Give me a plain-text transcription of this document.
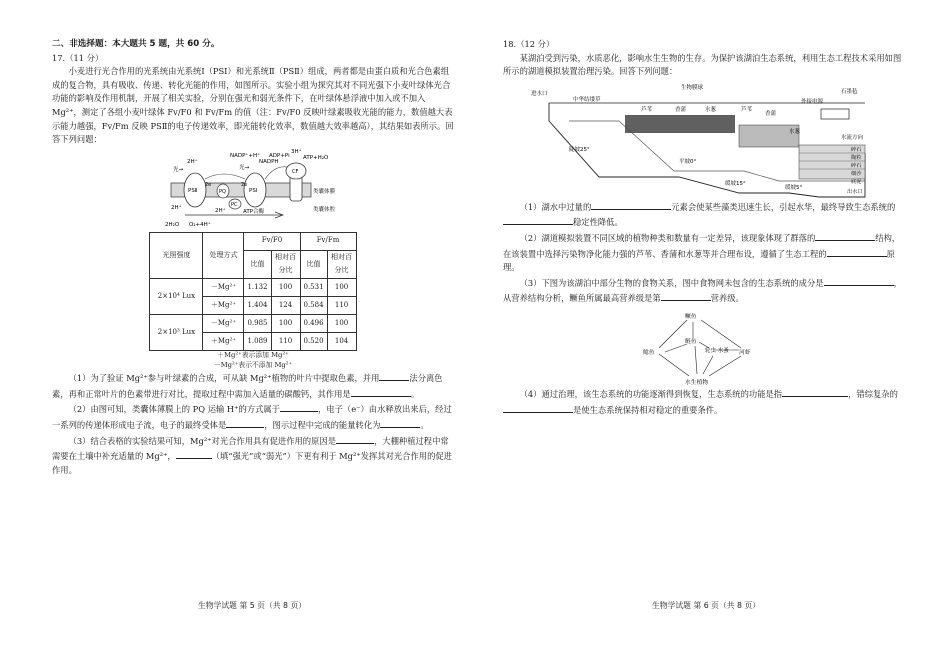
二、非选择题：本大题共 5 题，共 60 分。

17.（11 分）

小麦进行光合作用的光系统由光系统Ⅰ（PSⅠ）和光系统Ⅱ（PSⅡ）组成，两者都是由蛋白质和光合色素组成的复合物，具有吸收、传递、转化光能的作用，如图所示。实验小组为探究其对不同光强下小麦叶绿体光合功能的影响及作用机制，开展了相关实验，分别在强光和弱光条件下，在叶绿体悬浮液中加入或不加入 Mg²⁺，测定了各组小麦叶绿体 Fv/F0 和 Fv/Fm 的值（注：Fv/F0 反映叶绿素吸收光能的能力，数值越大表示能力越强，Fv/Fm 反映 PSⅡ的电子传递效率，即光能转化效率，数值越大效率越高），其结果如表所示。回答下列问题：

光→	光→
2H⁺
NADP⁺+H⁺
NADPH
3H⁺
ADP+Pi ATP+H₂O
PSⅡ	PSⅠ
PQ
PC
CF
2H⁺	2H⁺
2H₂O O₂+4H⁺
ATP合酶
类囊体膜
类囊体腔
2e	2e
光照强度	处理方式	Fv/F0		Fv/Fm	
		比值	相对百分比	比值	相对百分比
2×10⁴ Lux	－Mg²⁺	1.132	100	0.531	100
	＋Mg²⁺	1.404	124	0.584	110
2×10³ Lux	－Mg²⁺	0.985	100	0.496	100
	＋Mg²⁺	1.089	110	0.520	104

＋Mg²⁺表示添加 Mg²⁺

－Mg²⁺表示不添加 Mg²⁺

（1）为了验证 Mg²⁺参与叶绿素的合成，可从缺 Mg²⁺植物的叶片中提取色素，并用	法分离色素，再和正常叶片的色素带进行对比，提取过程中需加入适量的碳酸钙，其作用是	。

（2）由图可知，类囊体薄膜上的 PQ 运输 H⁺的方式属于	，电子（e⁻）由水释放出来后，经过一系列的传递体形成电子流，电子的最终受体是	，图示过程中完成的能量转化为	。

（3）结合表格的实验结果可知，Mg²⁺对光合作用具有促进作用的原因是	，大棚种植过程中常需要在土壤中补充适量的 Mg²⁺，	（填“强光”或“弱光”）下更有利于 Mg²⁺发挥其对光合作用的促进作用。

生物学试题 第 5 页（共 8 页）

18.（12 分）

某湖泊受到污染，水质恶化，影响水生生物的生存。为保护该湖泊生态系统，利用生态工程技术采用如图所示的湖道模拟装置治理污染。回答下列问题：

进水口
中华结缕草
生物膜球
芦苇	香蒲	水葱	芦苇
香蒲
外接电源
石墨毡
水葱
陡坡25°
平坡0°
缓坡15°
缓坡5°
水流方向
碎石
陶粒
碎石
细沙
底泥
出水口

（1）湖水中过量的	元素会使某些藻类迅速生长，引起水华，最终导致生态系统的稳定性降低。

（2）湖道模拟装置不同区域的植物种类和数量有一定差异，该现象体现了群落的	结构，在该装置中选择污染物净化能力强的芦苇、香蒲和水葱等并合理布设，遵循了生态工程的	原理。

（3）下图为该湖泊中部分生物的食物关系，图中食物网未包含的生态系统的成分是	，从营养结构分析，鳜鱼所属最高营养级是第	营养级。

鳜鱼
鲢鱼
鲶鱼	轮虫 水蚤 河虾
水生植物

（4）通过治理，该生态系统的功能逐渐得到恢复，生态系统的功能是指	，错综复杂的是使生态系统保持相对稳定的重要条件。

生物学试题 第 6 页（共 8 页）
